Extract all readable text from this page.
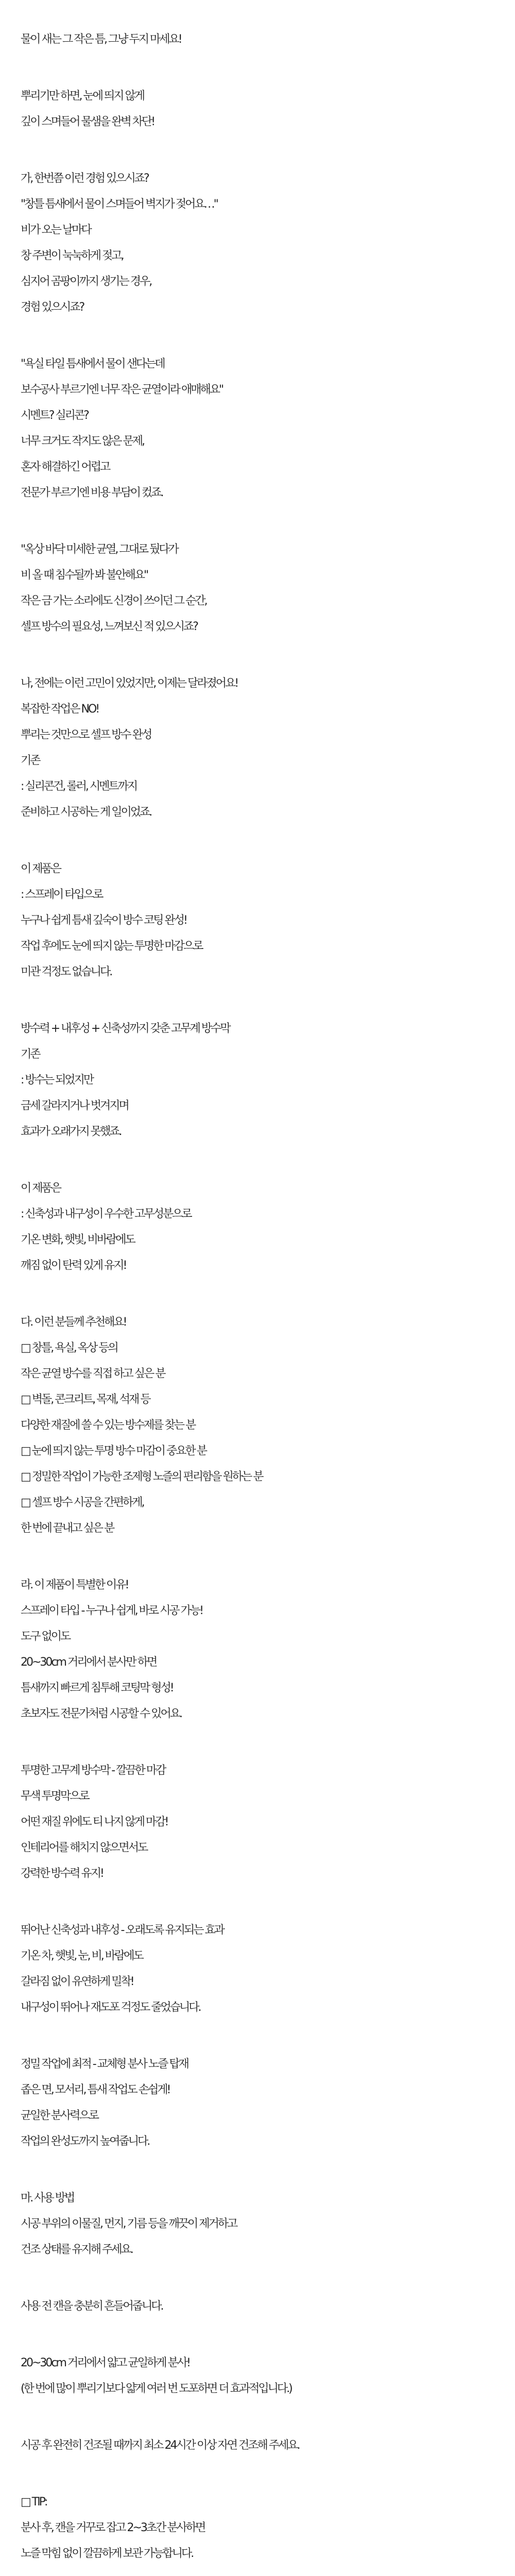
물이 새는 그 작은 틈, 그냥 두지 마세요!

뿌리기만 하면, 눈에 띄지 않게

깊이 스며들어 물샘을 완벽 차단!

가, 한번쯤 이런 경험 있으시죠?

"창틀 틈새에서 물이 스며들어 벽지가 젖어요…"

비가 오는 날마다

창 주변이 눅눅하게 젖고,

심지어 곰팡이까지 생기는 경우,

경험 있으시죠?

"욕실 타일 틈새에서 물이 샌다는데

보수공사 부르기엔 너무 작은 균열이라 애매해요"

시멘트? 실리콘?

너무 크거도 작지도 않은 문제,

혼자 해결하긴 어렵고

전문가 부르기엔 비용 부담이 컸죠.

"옥상 바닥 미세한 균열, 그대로 뒀다가

비 올 때 침수될까 봐 불안해요"

작은 금 가는 소리에도 신경이 쓰이던 그 순간,

셀프 방수의 필요성, 느껴보신 적 있으시죠?

나, 전에는 이런 고민이 있었지만, 이제는 달라졌어요!

복잡한 작업은 NO!

뿌리는 것만으로 셀프 방수 완성

기존

: 실리콘건, 롤러, 시멘트까지

준비하고 시공하는 게 일이었죠.

이 제품은

: 스프레이 타입으로

누구나 쉽게 틈새 깊숙이 방수 코팅 완성!

작업 후에도 눈에 띄지 않는 투명한 마감으로

미관 걱정도 없습니다.

방수력 + 내후성 + 신축성까지 갖춘 고무계 방수막

기존

: 방수는 되었지만

금세 갈라지거나 벗겨지며

효과가 오래가지 못했죠.

이 제품은

: 신축성과 내구성이 우수한 고무성분으로

기온 변화, 햇빛, 비바람에도

깨짐 없이 탄력 있게 유지!

다. 이런 분들께 추천해요!

□ 창틀, 욕실, 옥상 등의

작은 균열 방수를 직접 하고 싶은 분

□ 벽돌, 콘크리트, 목재, 석재 등

다양한 재질에 쓸 수 있는 방수제를 찾는 분

□ 눈에 띄지 않는 투명 방수 마감이 중요한 분

□ 정밀한 작업이 가능한 조제형 노즐의 편리함을 원하는 분

□ 셀프 방수 시공을 간편하게,

한 번에 끝내고 싶은 분

라. 이 제품이 특별한 이유!

스프레이 타입 - 누구나 쉽게, 바로 시공 가능!

도구 없이도

20~30cm 거리에서 분사만 하면

틈새까지 빠르게 침투해 코팅막 형성!

초보자도 전문가처럼 시공할 수 있어요.

투명한 고무계 방수막 - 깔끔한 마감

무색 투명막으로

어떤 재질 위에도 티 나지 않게 마감!

인테리어를 해치지 않으면서도

강력한 방수력 유지!

뛰어난 신축성과 내후성 - 오래도록 유지되는 효과

기온 차, 햇빛, 눈, 비, 바람에도

갈라짐 없이 유연하게 밀착!

내구성이 뛰어나 재도포 걱정도 줄었습니다.

정밀 작업에 최적 - 교체형 분사 노즐 탑재

좁은 면, 모서리, 틈새 작업도 손쉽게!

균일한 분사력으로

작업의 완성도까지 높여줍니다.

마. 사용 방법

시공 부위의 이물질, 먼지, 기름 등을 깨끗이 제거하고

건조 상태를 유지해 주세요.

사용 전 캔을 충분히 흔들어줍니다.

20~30cm 거리에서 얇고 균일하게 분사!

(한 번에 많이 뿌리기보다 얇게 여러 번 도포하면 더 효과적입니다.)

시공 후 완전히 건조될 때까지 최소 24시간 이상 자연 건조해 주세요.

□ TIP:

분사 후, 캔을 거꾸로 잡고 2~3초간 분사하면

노즐 막힘 없이 깔끔하게 보관 가능합니다.
